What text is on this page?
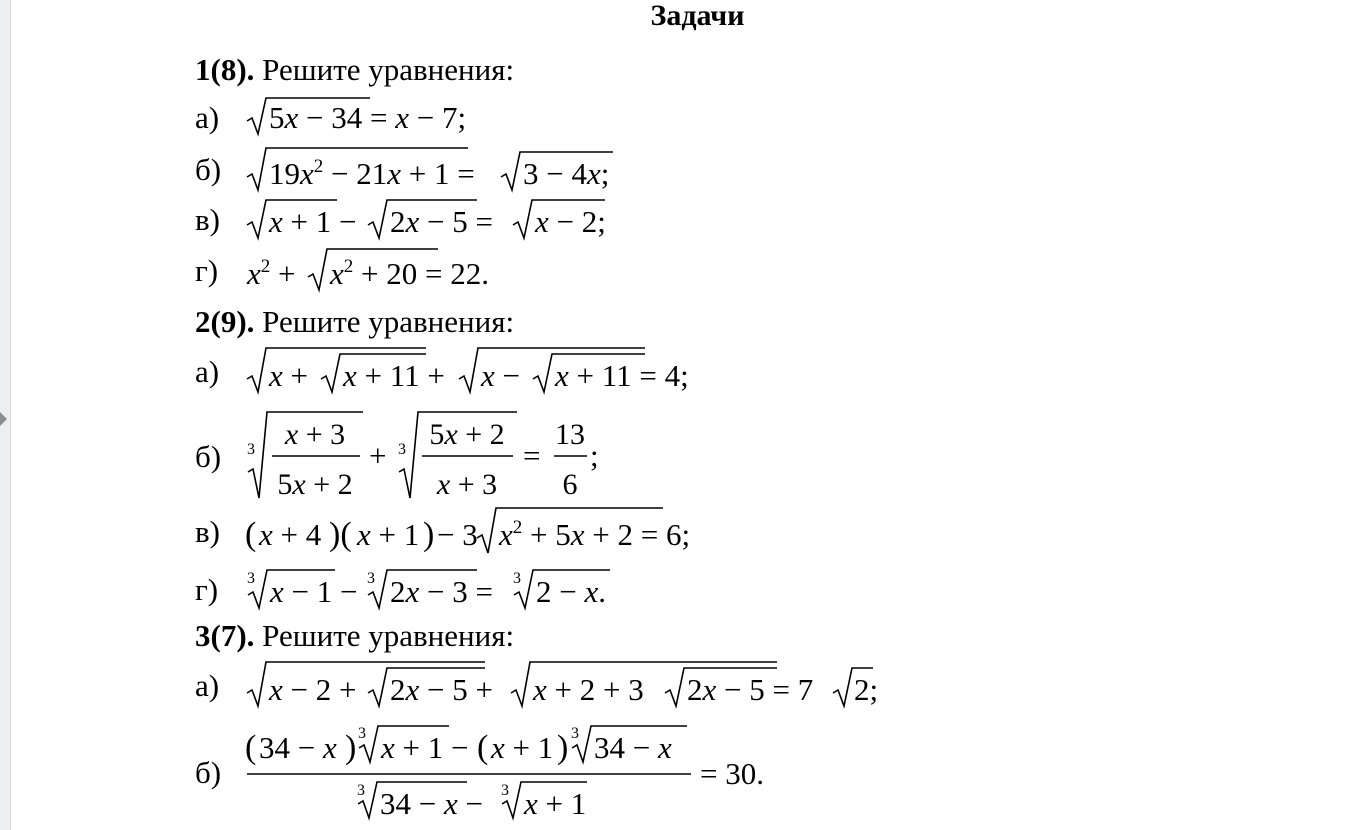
Задачи
1(8). Решите уравнения:
а) 5x − 34 = x − 7;
б) $19x^2 - 21x + 1 = 3 - 4x$;
в) x + 1 − 2x − 5 = x − 2;
г) $x^2 + x^2 + 20 = 22$.
2(9). Решите уравнения:
а) x + x + 11 + x − x + 11 = 4;
б) 3 x + 3
5x + 2
+ 3 5x + 2
x + 3
=
13
6
;
в) ( x + 4 )( x + 1 ) − 3 $x^2 + 5x + 2 = 6$;
г) 3 x − 1 − 3 2x − 3 = 3 2 − x.
3(7). Решите уравнения:
а) x − 2 + 2x − 5 + x + 2 + 3 2x − 5 = 7 2;
б)
( 34 − x ) 3 x + 1 − ( x + 1 ) 3 34 − x
3 34 − x − 3 x + 1
= 30.
